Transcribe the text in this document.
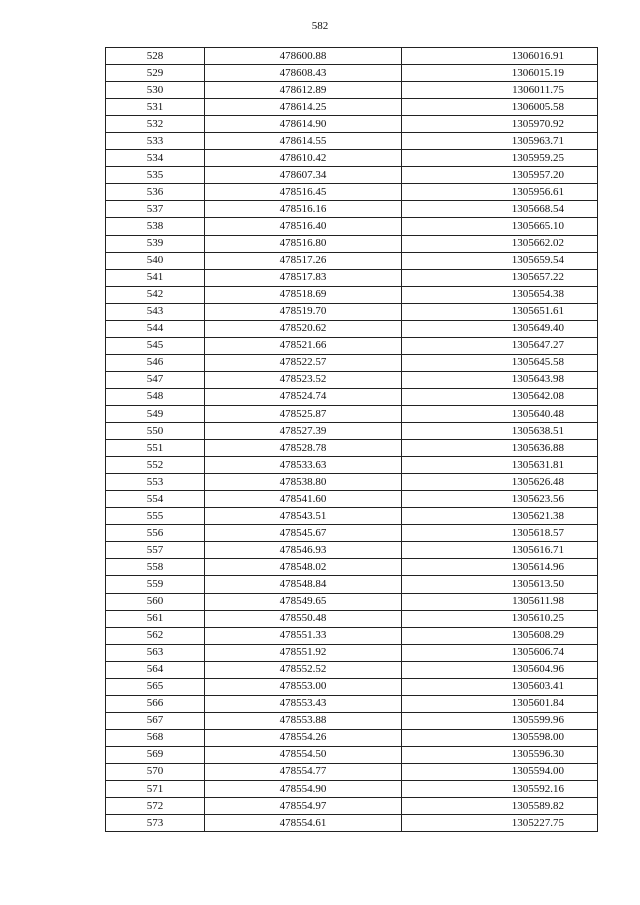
582
528	478600.88	1306016.91
529	478608.43	1306015.19
530	478612.89	1306011.75
531	478614.25	1306005.58
532	478614.90	1305970.92
533	478614.55	1305963.71
534	478610.42	1305959.25
535	478607.34	1305957.20
536	478516.45	1305956.61
537	478516.16	1305668.54
538	478516.40	1305665.10
539	478516.80	1305662.02
540	478517.26	1305659.54
541	478517.83	1305657.22
542	478518.69	1305654.38
543	478519.70	1305651.61
544	478520.62	1305649.40
545	478521.66	1305647.27
546	478522.57	1305645.58
547	478523.52	1305643.98
548	478524.74	1305642.08
549	478525.87	1305640.48
550	478527.39	1305638.51
551	478528.78	1305636.88
552	478533.63	1305631.81
553	478538.80	1305626.48
554	478541.60	1305623.56
555	478543.51	1305621.38
556	478545.67	1305618.57
557	478546.93	1305616.71
558	478548.02	1305614.96
559	478548.84	1305613.50
560	478549.65	1305611.98
561	478550.48	1305610.25
562	478551.33	1305608.29
563	478551.92	1305606.74
564	478552.52	1305604.96
565	478553.00	1305603.41
566	478553.43	1305601.84
567	478553.88	1305599.96
568	478554.26	1305598.00
569	478554.50	1305596.30
570	478554.77	1305594.00
571	478554.90	1305592.16
572	478554.97	1305589.82
573	478554.61	1305227.75
